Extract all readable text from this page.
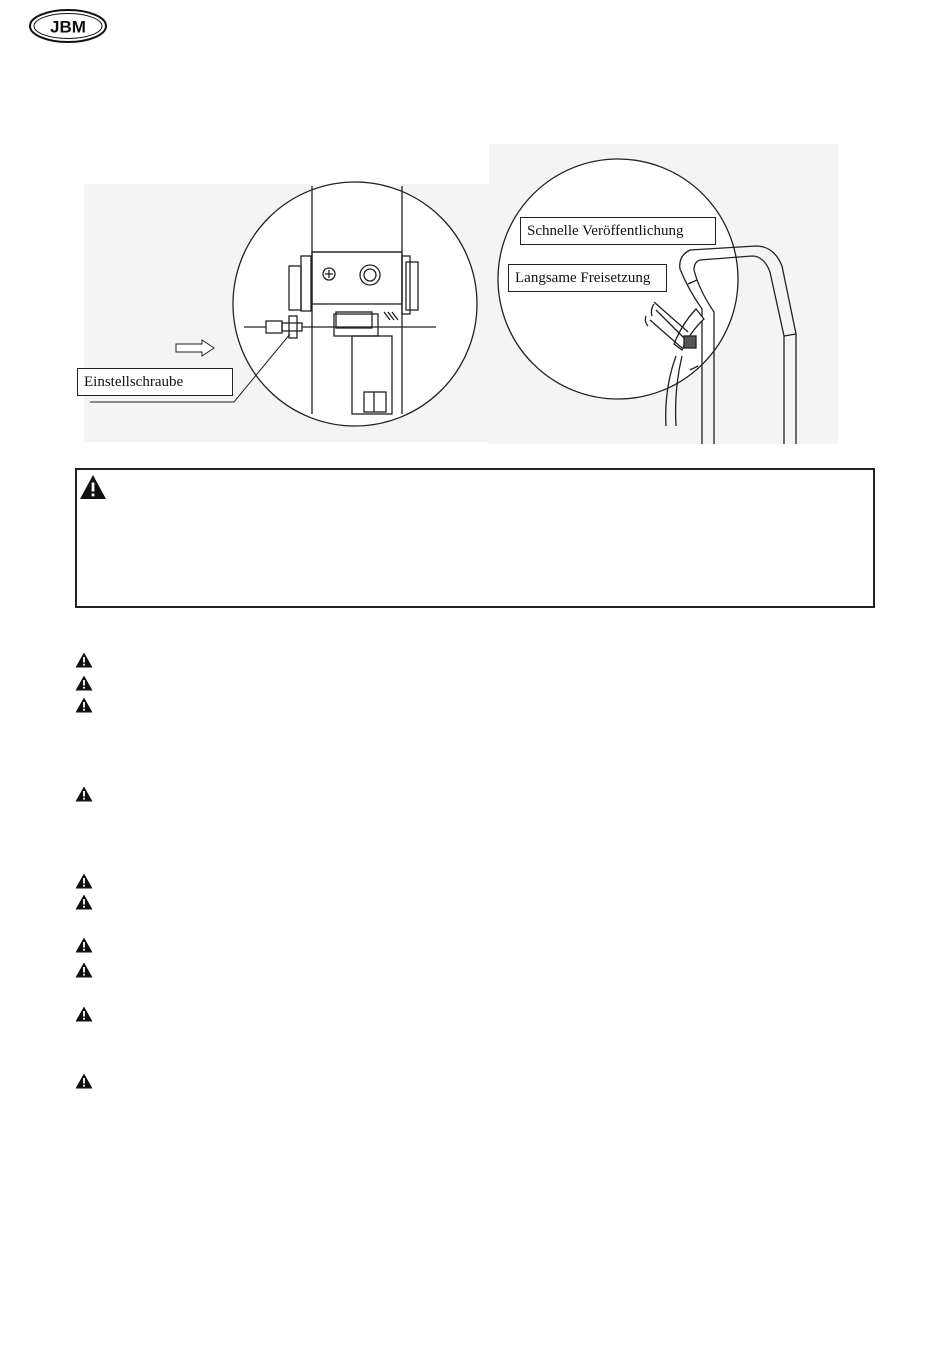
JBM
Einstellschraube
Schnelle Veröffentlichung
Langsame Freisetzung
